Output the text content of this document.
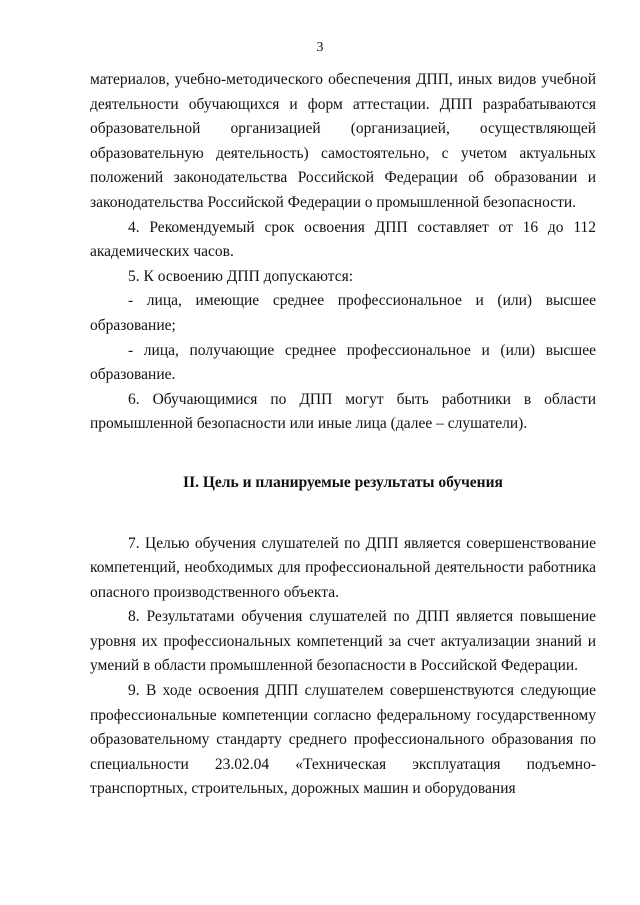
3

материалов, учебно-методического обеспечения ДПП, иных видов учебной деятельности обучающихся и форм аттестации. ДПП разрабатываются образовательной организацией (организацией, осуществляющей образовательную деятельность) самостоятельно, с учетом актуальных положений законодательства Российской Федерации об образовании и законодательства Российской Федерации о промышленной безопасности.

4. Рекомендуемый срок освоения ДПП составляет от 16 до 112 академических часов.

5. К освоению ДПП допускаются:

- лица, имеющие среднее профессиональное и (или) высшее образование;

- лица, получающие среднее профессиональное и (или) высшее образование.

6. Обучающимися по ДПП могут быть работники в области промышленной безопасности или иные лица (далее – слушатели).

II. Цель и планируемые результаты обучения

7. Целью обучения слушателей по ДПП является совершенствование компетенций, необходимых для профессиональной деятельности работника опасного производственного объекта.

8. Результатами обучения слушателей по ДПП является повышение уровня их профессиональных компетенций за счет актуализации знаний и умений в области промышленной безопасности в Российской Федерации.

9. В ходе освоения ДПП слушателем совершенствуются следующие профессиональные компетенции согласно федеральному государственному образовательному стандарту среднего профессионального образования по специальности 23.02.04 «Техническая эксплуатация подъемно-транспортных, строительных, дорожных машин и оборудования
